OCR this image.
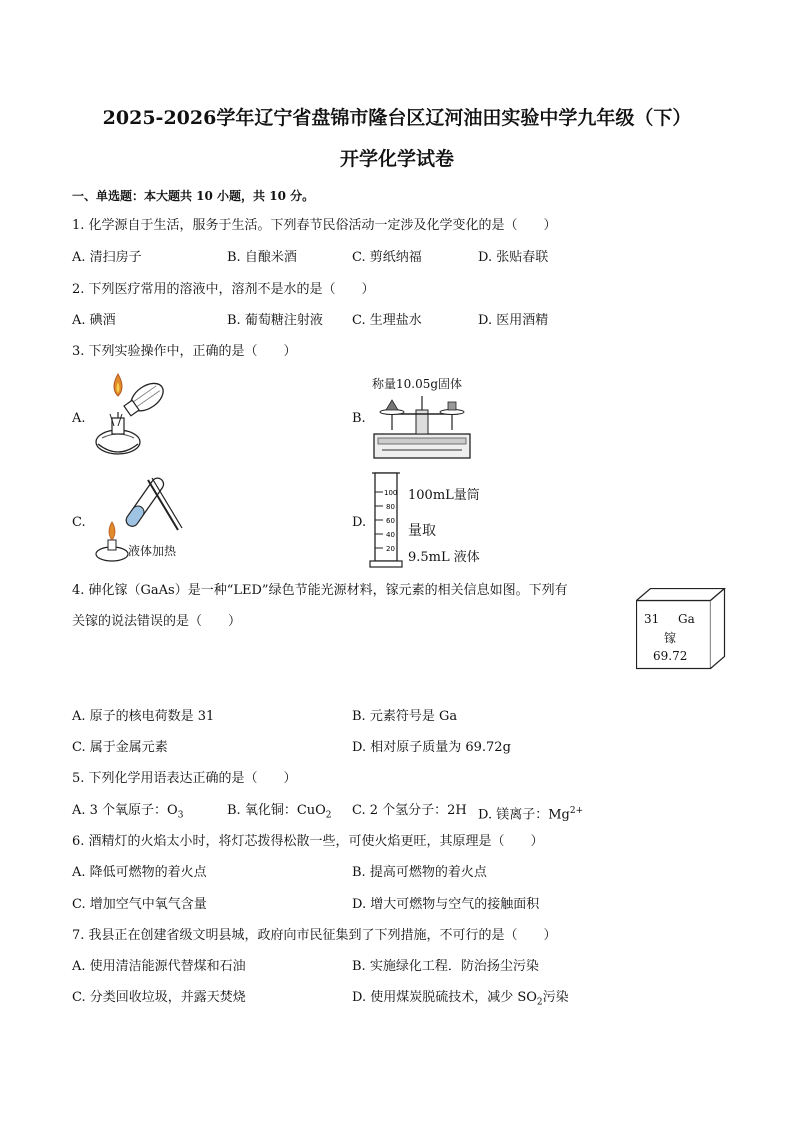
2025-2026学年辽宁省盘锦市隆台区辽河油田实验中学九年级（下）
开学化学试卷
一、单选题：本大题共 10 小题，共 10 分。
1. 化学源自于生活，服务于生活。下列春节民俗活动一定涉及化学变化的是（　　）
A. 清扫房子	B. 自酿米酒	C. 剪纸纳福	D. 张贴春联
2. 下列医疗常用的溶液中，溶剂不是水的是（　　）
A. 碘酒	B. 葡萄糖注射液 C. 生理盐水	D. 医用酒精
3. 下列实验操作中，正确的是（　　）
A.	B.
称量10.05g固体
C.
液体加热
D.
100
80
60
40
20
100mL量筒
量取
9.5mL 液体
4. 砷化镓（GaAs）是一种“LED”绿色节能光源材料，镓元素的相关信息如图。下列有
关镓的说法错误的是（　　）	31 Ga
镓
69.72
A. 原子的核电荷数是 31	B. 元素符号是 Ga
C. 属于金属元素	D. 相对原子质量为 69.72g
5. 下列化学用语表达正确的是（　　）
A. 3 个氧原子：$O_3$	B. 氧化铜：CuO$_2$ C. 2 个氢分子：2H D. 镁离子：$Mg^{2+}$
6. 酒精灯的火焰太小时，将灯芯拨得松散一些，可使火焰更旺，其原理是（　　）
A. 降低可燃物的着火点	B. 提高可燃物的着火点
C. 增加空气中氧气含量	D. 增大可燃物与空气的接触面积
7. 我县正在创建省级文明县城，政府向市民征集到了下列措施，不可行的是（　　）
A. 使用清洁能源代替煤和石油	B. 实施绿化工程．防治扬尘污染
C. 分类回收垃圾，并露天焚烧	D. 使用煤炭脱硫技术，减少 $SO_2$污染
